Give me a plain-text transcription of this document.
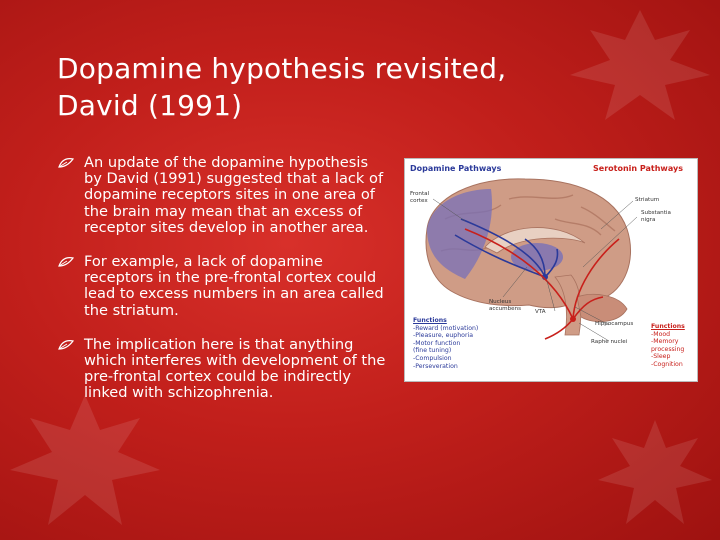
Dopamine hypothesis revisited,
David (1991)
An update of the dopamine hypothesis by David (1991) suggested that a lack of dopamine receptors sites in one area of the brain may mean that an excess of receptor sites develop in another area.
For example, a lack of dopamine receptors in the pre-frontal cortex could lead to excess numbers in an area called the striatum.
The implication here is that anything which interferes with development of the pre-frontal cortex could be indirectly linked with schizophrenia.
Dopamine Pathways	Serotonin Pathways
Frontal
cortex	Striatum
Substantia
nigra
Nucleus
accumbens
VTA
Hippocampus
Raphe nuclei
Functions
-Reward (motivation)
-Pleasure, euphoria
-Motor function
(fine tuning)
-Compulsion
-Perseveration
Functions
-Mood
-Memory
processing
-Sleep
-Cognition
